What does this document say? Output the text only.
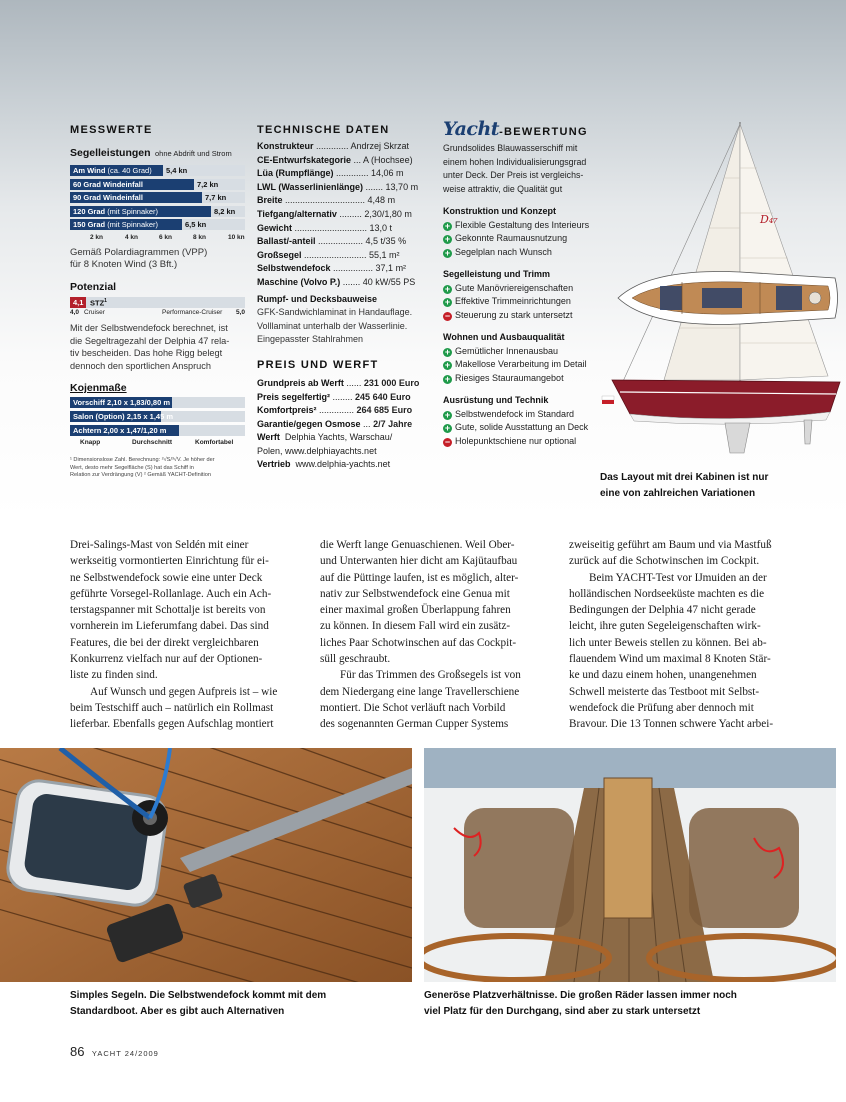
MESSWERTE
Segelleistungen ohne Abdrift und Strom
Am Wind (ca. 40 Grad) 5,4 kn
60 Grad Windeinfall	7,2 kn
90 Grad Windeinfall	7,7 kn
120 Grad (mit Spinnaker)	8,2 kn
150 Grad (mit Spinnaker)	6,5 kn
2 kn	4 kn	6 kn	8 kn	10 kn
Gemäß Polardiagrammen (VPP)
für 8 Knoten Wind (3 Bft.)
Potenzial
4,1 STZ$^1$
4,0 Cruiser	Performance-Cruiser 5,0
Mit der Selbstwendefock berechnet, ist
die Segeltragezahl der Delphia 47 rela-
tiv bescheiden. Das hohe Rigg belegt
dennoch den sportlichen Anspruch
Kojenmaße
Vorschiff 2,10 x 1,83/0,80 m
Salon (Option) 2,15 x 1,45 m
Achtern 2,00 x 1,47/1,20 m
Knapp	Durchschnitt	Komfortabel
¹ Dimensionslose Zahl. Berechnung: ²√S/³√V. Je höher der
Wert, desto mehr Segelfläche (S) hat das Schiff in
Relation zur Verdrängung (V) ² Gemäß YACHT-Definition
TECHNISCHE DATEN
Konstrukteur ............. Andrzej Skrzat
CE-Entwurfskategorie ... A (Hochsee)
Lüa (Rumpflänge) ............. 14,06 m
LWL (Wasserlinienlänge) ....... 13,70 m
Breite ................................ 4,48 m
Tiefgang/alternativ ......... 2,30/1,80 m
Gewicht ............................. 13,0 t
Ballast/-anteil .................. 4,5 t/35 %
Großsegel ......................... 55,1 m²
Selbstwendefock ................ 37,1 m²
Maschine (Volvo P.) ....... 40 kW/55 PS
Rumpf- und Decksbauweise
GFK-Sandwichlaminat in Handauflage.
Volllaminat unterhalb der Wasserlinie.
Eingepasster Stahlrahmen
PREIS UND WERFT
Grundpreis ab Werft ...... 231 000 Euro
Preis segelfertig² ........ 245 640 Euro
Komfortpreis² .............. 264 685 Euro
Garantie/gegen Osmose ... 2/7 Jahre
Werft Delphia Yachts, Warschau/
Polen, www.delphiayachts.net
Vertrieb www.delphia-yachts.net
Yacht-BEWERTUNG
Grundsolides Blauwasserschiff mit
einem hohen Individualisierungsgrad
unter Deck. Der Preis ist vergleichs-
weise attraktiv, die Qualität gut
Konstruktion und Konzept
+ Flexible Gestaltung des Interieurs
+ Gekonnte Raumausnutzung
+ Segelplan nach Wunsch
Segelleistung und Trimm
+ Gute Manövriereigenschaften
+ Effektive Trimmeinrichtungen
− Steuerung zu stark untersetzt
Wohnen und Ausbauqualität
+ Gemütlicher Innenausbau
+ Makellose Verarbeitung im Detail
+ Riesiges Stauraumangebot
Ausrüstung und Technik
+ Selbstwendefock im Standard
+ Gute, solide Ausstattung an Deck
− Holepunktschiene nur optional
D₄₇
Das Layout mit drei Kabinen ist nur
eine von zahlreichen Variationen
Drei-Salings-Mast von Seldén mit einer
werkseitig vormontierten Einrichtung für ei-
ne Selbstwendefock sowie eine unter Deck
geführte Vorsegel-Rollanlage. Auch ein Ach-
terstagspanner mit Schottalje ist bereits von
vornherein im Lieferumfang dabei. Das sind
Features, die bei der direkt vergleichbaren
Konkurrenz vielfach nur auf der Optionen-
liste zu finden sind.
Auf Wunsch und gegen Aufpreis ist – wie
beim Testschiff auch – natürlich ein Rollmast
lieferbar. Ebenfalls gegen Aufschlag montiert
die Werft lange Genuaschienen. Weil Ober-
und Unterwanten hier dicht am Kajütaufbau
auf die Püttinge laufen, ist es möglich, alter-
nativ zur Selbstwendefock eine Genua mit
einer maximal großen Überlappung fahren
zu können. In diesem Fall wird ein zusätz-
liches Paar Schotwinschen auf das Cockpit-
süll geschraubt.
Für das Trimmen des Großsegels ist von
dem Niedergang eine lange Travellerschiene
montiert. Die Schot verläuft nach Vorbild
des sogenannten German Cupper Systems
zweiseitig geführt am Baum und via Mastfuß
zurück auf die Schotwinschen im Cockpit.
Beim YACHT-Test vor IJmuiden an der
holländischen Nordseeküste machten es die
Bedingungen der Delphia 47 nicht gerade
leicht, ihre guten Segeleigenschaften wirk-
lich unter Beweis stellen zu können. Bei ab-
flauendem Wind um maximal 8 Knoten Stär-
ke und dazu einem hohen, unangenehmen
Schwell meisterte das Testboot mit Selbst-
wendefock die Prüfung aber dennoch mit
Bravour. Die 13 Tonnen schwere Yacht arbei-
Simples Segeln. Die Selbstwendefock kommt mit dem
Standardboot. Aber es gibt auch Alternativen
Generöse Platzverhältnisse. Die großen Räder lassen immer noch
viel Platz für den Durchgang, sind aber zu stark untersetzt
86 YACHT 24/2009
